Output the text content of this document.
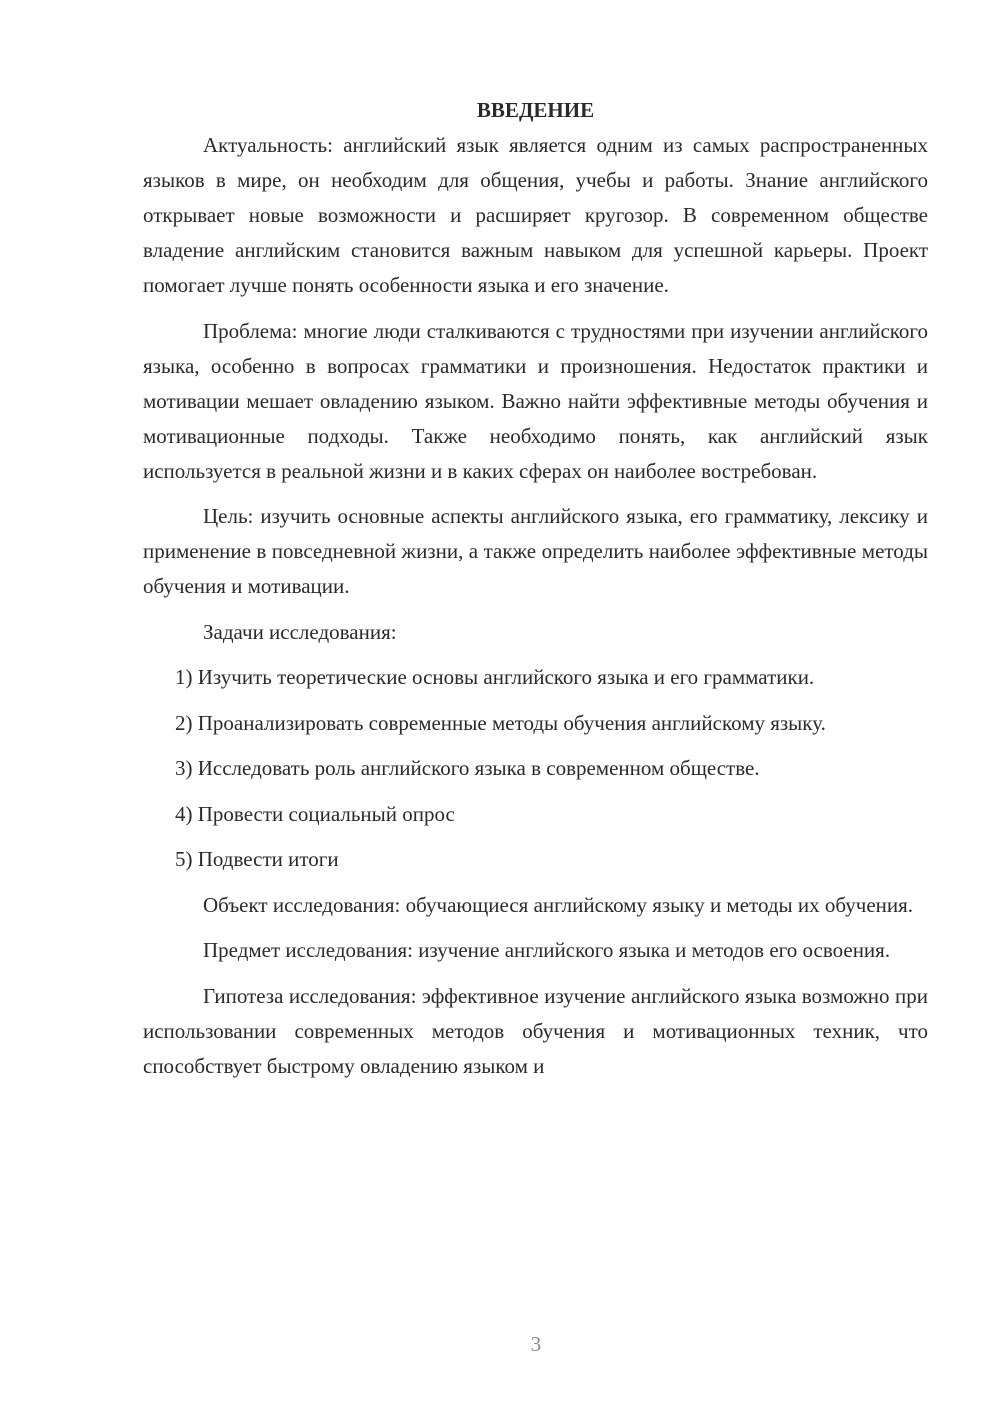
ВВЕДЕНИЕ

Актуальность: английский язык является одним из самых распространенных языков в мире, он необходим для общения, учебы и работы. Знание английского открывает новые возможности и расширяет кругозор. В современном обществе владение английским становится важным навыком для успешной карьеры. Проект помогает лучше понять особенности языка и его значение.

Проблема: многие люди сталкиваются с трудностями при изучении английского языка, особенно в вопросах грамматики и произношения. Недостаток практики и мотивации мешает овладению языком. Важно найти эффективные методы обучения и мотивационные подходы. Также необходимо понять, как английский язык используется в реальной жизни и в каких сферах он наиболее востребован.

Цель: изучить основные аспекты английского языка, его грамматику, лексику и применение в повседневной жизни, а также определить наиболее эффективные методы обучения и мотивации.

Задачи исследования:

1) Изучить теоретические основы английского языка и его грамматики.
2) Проанализировать современные методы обучения английскому языку.
3) Исследовать роль английского языка в современном обществе.
4) Провести социальный опрос
5) Подвести итоги

Объект исследования: обучающиеся английскому языку и методы их обучения.

Предмет исследования: изучение английского языка и методов его освоения.

Гипотеза исследования: эффективное изучение английского языка возможно при использовании современных методов обучения и мотивационных техник, что способствует быстрому овладению языком и

3
